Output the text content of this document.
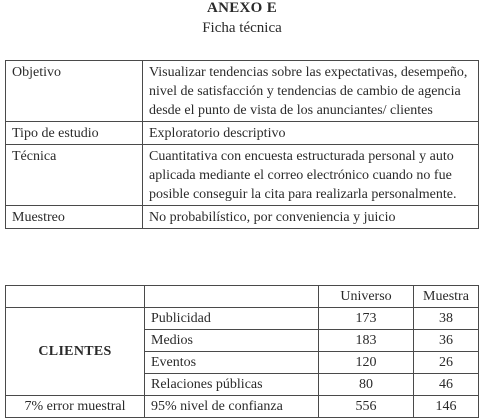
ANEXO E
Ficha técnica
Objetivo	Visualizar tendencias sobre las expectativas, desempeño, nivel de satisfacción y tendencias de cambio de agencia desde el punto de vista de los anunciantes/ clientes
Tipo de estudio	Exploratorio descriptivo
Técnica	Cuantitativa con encuesta estructurada personal y auto aplicada mediante el correo electrónico cuando no fue posible conseguir la cita para realizarla personalmente.
Muestreo	No probabilístico, por conveniencia y juicio
		Universo	Muestra
CLIENTES	Publicidad	173	38
	Medios	183	36
	Eventos	120	26
	Relaciones públicas	80	46
7% error muestral	95% nivel de confianza	556	146
